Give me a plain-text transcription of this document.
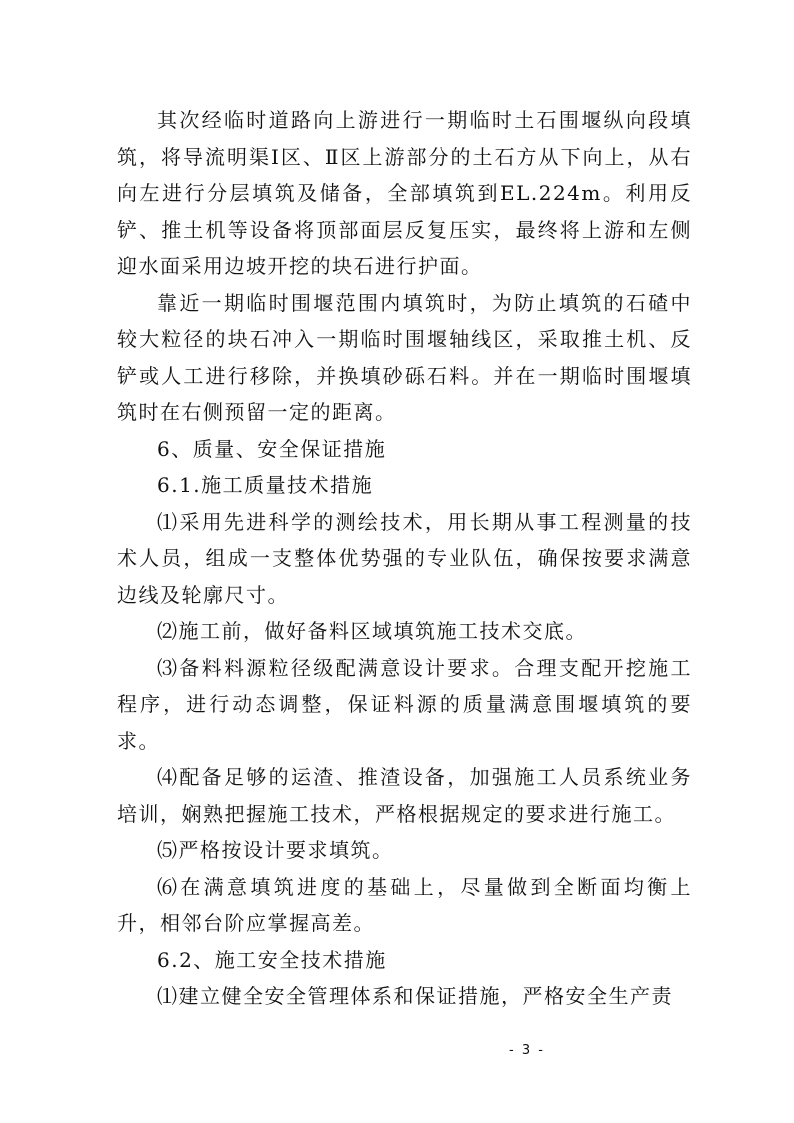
其次经临时道路向上游进行一期临时土石围堰纵向段填筑，将导流明渠Ⅰ区、Ⅱ区上游部分的土石方从下向上，从右向左进行分层填筑及储备，全部填筑到EL.224m。利用反铲、推土机等设备将顶部面层反复压实，最终将上游和左侧迎水面采用边坡开挖的块石进行护面。

靠近一期临时围堰范围内填筑时，为防止填筑的石碴中较大粒径的块石冲入一期临时围堰轴线区，采取推土机、反铲或人工进行移除，并换填砂砾石料。并在一期临时围堰填筑时在右侧预留一定的距离。

6、质量、安全保证措施

6.1.施工质量技术措施

⑴采用先进科学的测绘技术，用长期从事工程测量的技术人员，组成一支整体优势强的专业队伍，确保按要求满意边线及轮廓尺寸。

⑵施工前，做好备料区域填筑施工技术交底。

⑶备料料源粒径级配满意设计要求。合理支配开挖施工程序，进行动态调整，保证料源的质量满意围堰填筑的要求。

⑷配备足够的运渣、推渣设备，加强施工人员系统业务培训，娴熟把握施工技术，严格根据规定的要求进行施工。

⑸严格按设计要求填筑。

⑹在满意填筑进度的基础上，尽量做到全断面均衡上升，相邻台阶应掌握高差。

6.2、施工安全技术措施

⑴建立健全安全管理体系和保证措施，严格安全生产责

- 3 -
